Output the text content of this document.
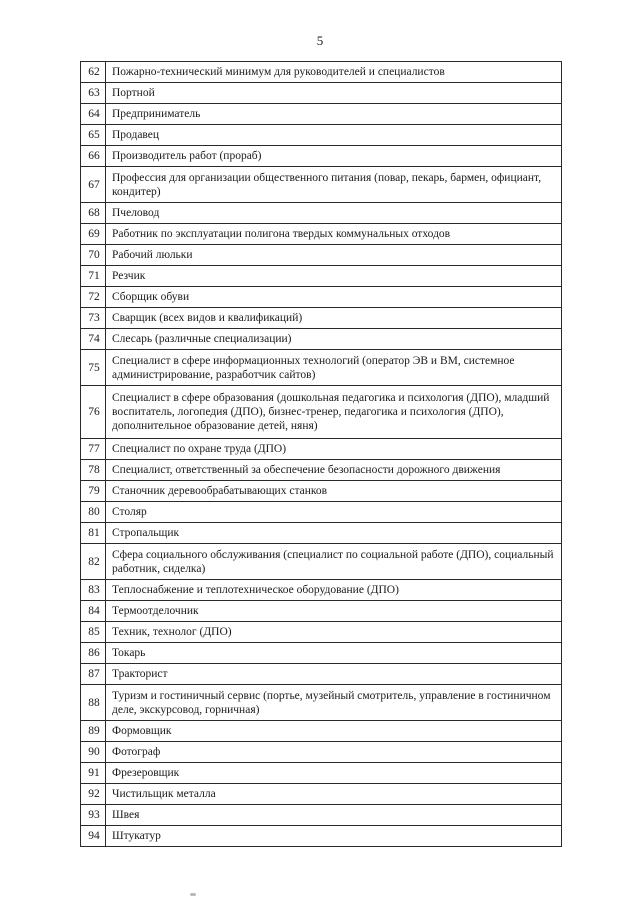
5
62	Пожарно-технический минимум для руководителей и специалистов
63	Портной
64	Предприниматель
65	Продавец
66	Производитель работ (прораб)
67	Профессия для организации общественного питания (повар, пекарь, бармен, официант, кондитер)
68	Пчеловод
69	Работник по эксплуатации полигона твердых коммунальных отходов
70	Рабочий люльки
71	Резчик
72	Сборщик обуви
73	Сварщик (всех видов и квалификаций)
74	Слесарь (различные специализации)
75	Специалист в сфере информационных технологий (оператор ЭВ и ВМ, системное администрирование, разработчик сайтов)
76	Специалист в сфере образования (дошкольная педагогика и психология (ДПО), младший воспитатель, логопедия (ДПО), бизнес-тренер, педагогика и психология (ДПО), дополнительное образование детей, няня)
77	Специалист по охране труда (ДПО)
78	Специалист, ответственный за обеспечение безопасности дорожного движения
79	Станочник деревообрабатывающих станков
80	Столяр
81	Стропальщик
82	Сфера социального обслуживания (специалист по социальной работе (ДПО), социальный работник, сиделка)
83	Теплоснабжение и теплотехническое оборудование (ДПО)
84	Термоотделочник
85	Техник, технолог (ДПО)
86	Токарь
87	Тракторист
88	Туризм и гостиничный сервис (портье, музейный смотритель, управление в гостиничном деле, экскурсовод, горничная)
89	Формовщик
90	Фотограф
91	Фрезеровщик
92	Чистильщик металла
93	Швея
94	Штукатур
